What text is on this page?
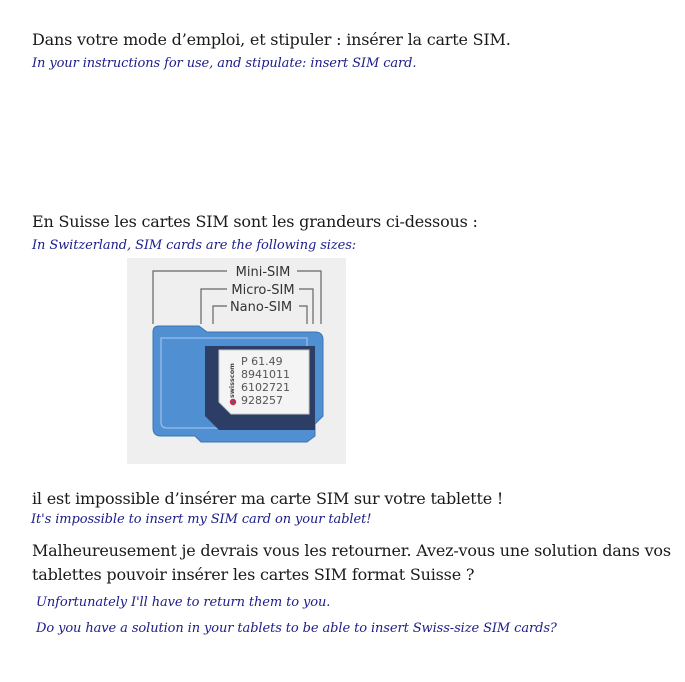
Dans votre mode d’emploi, et stipuler : insérer la carte SIM.
In your instructions for use, and stipulate: insert SIM card.
En Suisse les cartes SIM sont les grandeurs ci-dessous :
In Switzerland, SIM cards are the following sizes:
Mini-SIM
Micro-SIM
Nano-SIM
swisscom
P 61.49
8941011
6102721
928257
il est impossible d’insérer ma carte SIM sur votre tablette !
It's impossible to insert my SIM card on your tablet!
Malheureusement je devrais vous les retourner. Avez-vous une solution dans vos
tablettes pouvoir insérer les cartes SIM format Suisse ?
Unfortunately I'll have to return them to you.
Do you have a solution in your tablets to be able to insert Swiss-size SIM cards?
